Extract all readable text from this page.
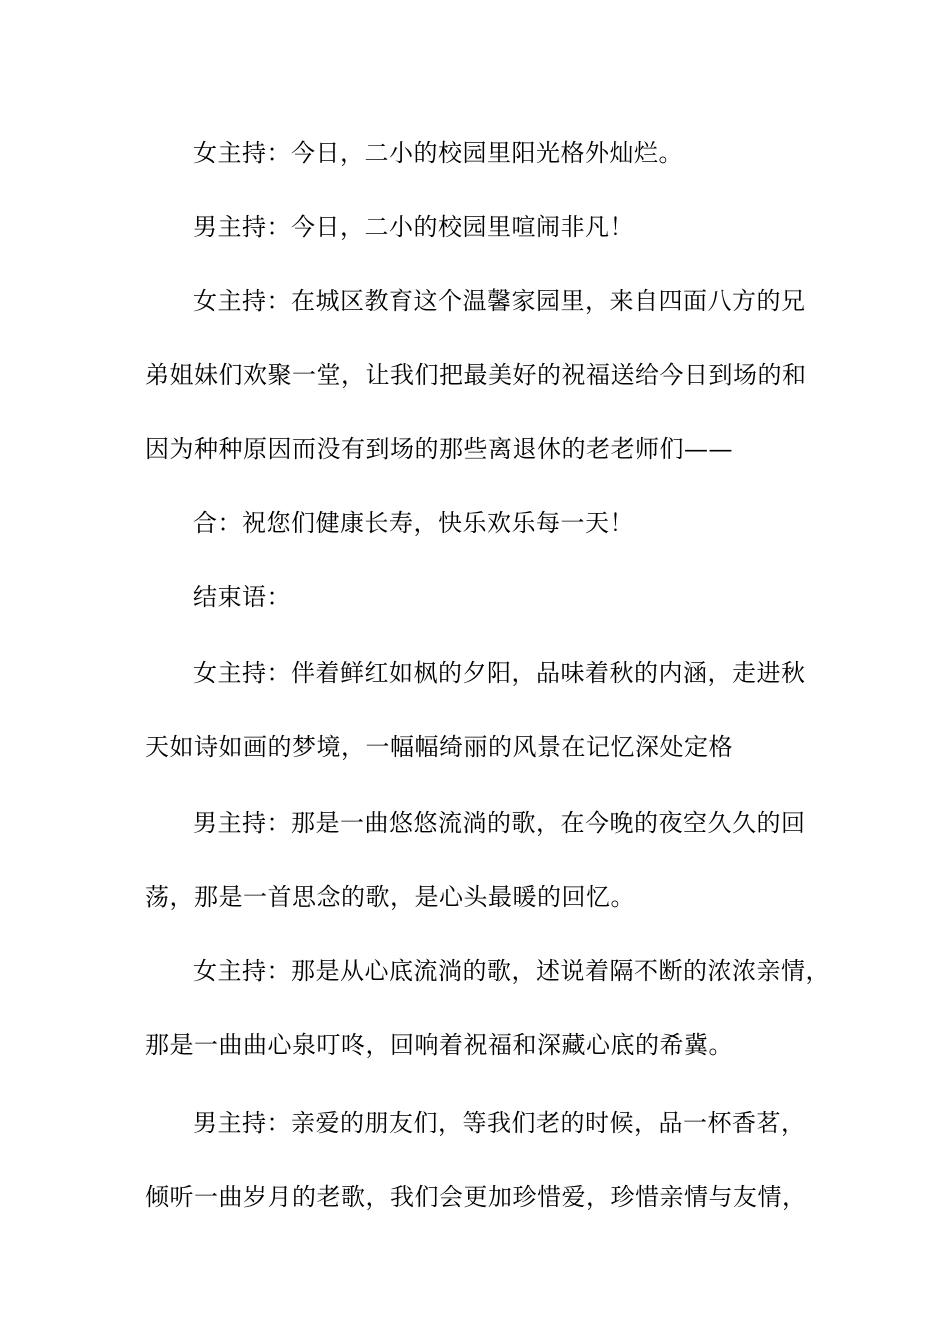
女主持：今日，二小的校园里阳光格外灿烂。
男主持：今日，二小的校园里喧闹非凡！
女主持：在城区教育这个温馨家园里，来自四面八方的兄
弟姐妹们欢聚一堂，让我们把最美好的祝福送给今日到场的和
因为种种原因而没有到场的那些离退休的老老师们——
合：祝您们健康长寿，快乐欢乐每一天！
结束语：
女主持：伴着鲜红如枫的夕阳，品味着秋的内涵，走进秋
天如诗如画的梦境，一幅幅绮丽的风景在记忆深处定格
男主持：那是一曲悠悠流淌的歌，在今晚的夜空久久的回
荡，那是一首思念的歌，是心头最暖的回忆。
女主持：那是从心底流淌的歌，述说着隔不断的浓浓亲情，
那是一曲曲心泉叮咚，回响着祝福和深藏心底的希冀。
男主持：亲爱的朋友们，等我们老的时候，品一杯香茗，
倾听一曲岁月的老歌，我们会更加珍惜爱，珍惜亲情与友情，
